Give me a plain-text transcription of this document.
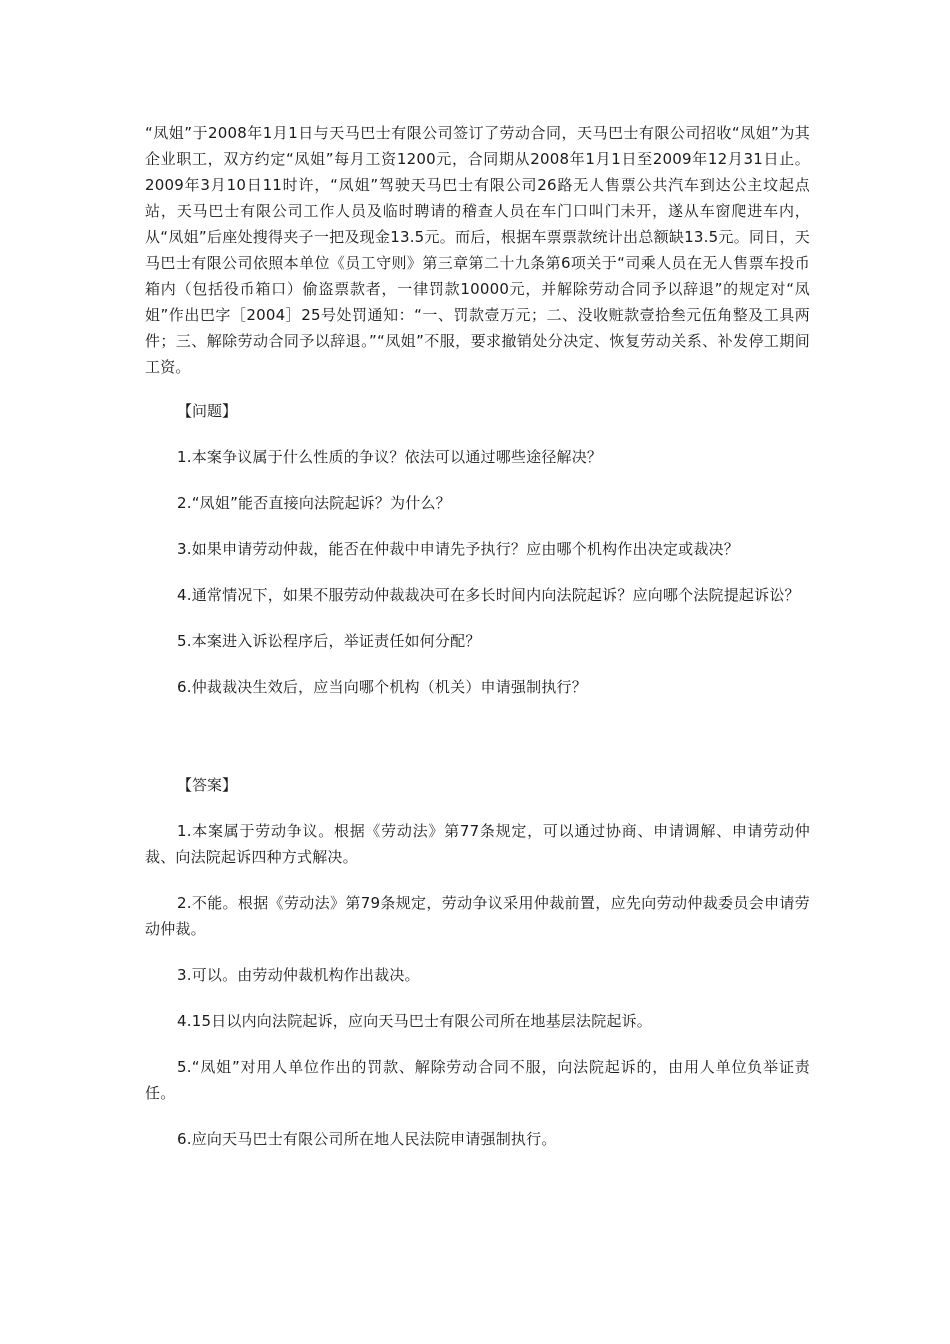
“凤姐”于2008年1月1日与天马巴士有限公司签订了劳动合同，天马巴士有限公司招收“凤姐”为其企业职工，双方约定“凤姐”每月工资1200元，合同期从2008年1月1日至2009年12月31日止。2009年3月10日11时许，“凤姐”驾驶天马巴士有限公司26路无人售票公共汽车到达公主坟起点站，天马巴士有限公司工作人员及临时聘请的稽查人员在车门口叫门未开，遂从车窗爬进车内，从“凤姐”后座处搜得夹子一把及现金13.5元。而后，根据车票票款统计出总额缺13.5元。同日，天马巴士有限公司依照本单位《员工守则》第三章第二十九条第6项关于“司乘人员在无人售票车投币箱内（包括役币箱口）偷盗票款者，一律罚款10000元，并解除劳动合同予以辞退”的规定对“凤姐”作出巴字［2004］25号处罚通知：“一、罚款壹万元；二、没收赃款壹拾叁元伍角整及工具两件；三、解除劳动合同予以辞退。”“凤姐”不服，要求撤销处分决定、恢复劳动关系、补发停工期间工资。

【问题】

1.本案争议属于什么性质的争议？依法可以通过哪些途径解决？

2.“凤姐”能否直接向法院起诉？为什么？

3.如果申请劳动仲裁，能否在仲裁中申请先予执行？应由哪个机构作出决定或裁决？

4.通常情况下，如果不服劳动仲裁裁决可在多长时间内向法院起诉？应向哪个法院提起诉讼？

5.本案进入诉讼程序后，举证责任如何分配？

6.仲裁裁决生效后，应当向哪个机构（机关）申请强制执行？

【答案】

1.本案属于劳动争议。根据《劳动法》第77条规定，可以通过协商、申请调解、申请劳动仲裁、向法院起诉四种方式解决。

2.不能。根据《劳动法》第79条规定，劳动争议采用仲裁前置，应先向劳动仲裁委员会申请劳动仲裁。

3.可以。由劳动仲裁机构作出裁决。

4.15日以内向法院起诉，应向天马巴士有限公司所在地基层法院起诉。

5.“凤姐”对用人单位作出的罚款、解除劳动合同不服，向法院起诉的，由用人单位负举证责任。

6.应向天马巴士有限公司所在地人民法院申请强制执行。
